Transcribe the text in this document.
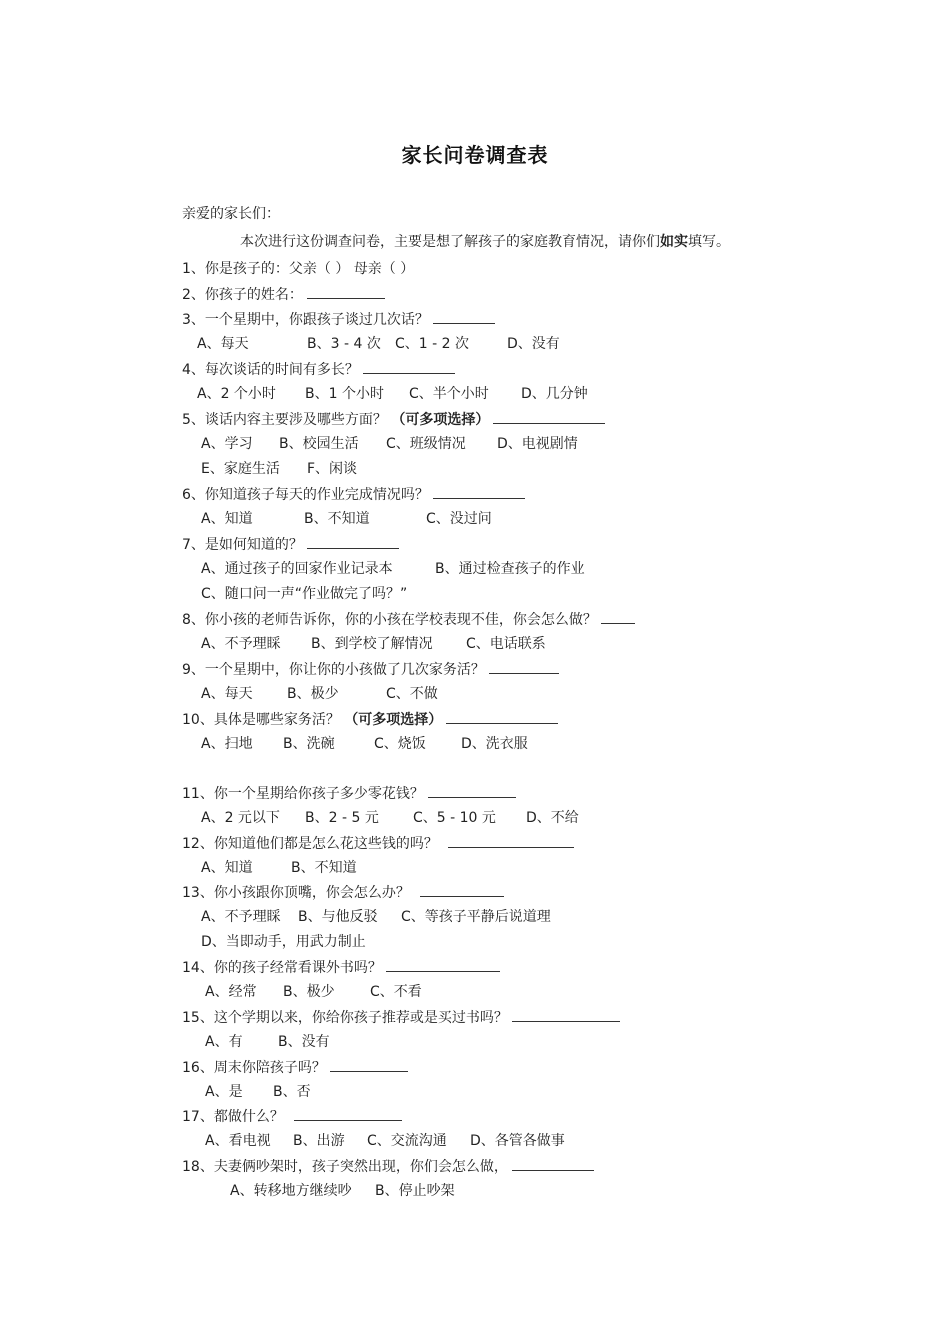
家长问卷调查表
亲爱的家长们：
本次进行这份调查问卷，主要是想了解孩子的家庭教育情况，请你们如实填写。
1、你是孩子的：父亲（ ） 母亲（ ）
2、你孩子的姓名：
3、一个星期中，你跟孩子谈过几次话？
A、每天	B、3 - 4 次 C、1 - 2 次	D、没有
4、每次谈话的时间有多长？
A、2 个小时 B、1 个小时 C、半个小时 D、几分钟
5、谈话内容主要涉及哪些方面？ （可多项选择）
A、学习 B、校园生活 C、班级情况 D、电视剧情
E、家庭生活 F、闲谈
6、你知道孩子每天的作业完成情况吗？
A、知道	B、不知道	C、没过问
7、是如何知道的？
A、通过孩子的回家作业记录本	B、通过检查孩子的作业
C、随口问一声“作业做完了吗？”
8、你小孩的老师告诉你，你的小孩在学校表现不佳，你会怎么做？
A、不予理睬 B、到学校了解情况 C、电话联系
9、一个星期中，你让你的小孩做了几次家务活？
A、每天 B、极少	C、不做
10、具体是哪些家务活？ （可多项选择）
A、扫地 B、洗碗	C、烧饭	D、洗衣服
11、你一个星期给你孩子多少零花钱？
A、2 元以下 B、2 - 5 元 C、5 - 10 元 D、不给
12、你知道他们都是怎么花这些钱的吗？
A、知道	B、不知道
13、你小孩跟你顶嘴，你会怎么办？
A、不予理睬 B、与他反驳 C、等孩子平静后说道理
D、当即动手，用武力制止
14、你的孩子经常看课外书吗？
A、经常 B、极少	C、不看
15、这个学期以来，你给你孩子推荐或是买过书吗？
A、有	B、没有
16、周末你陪孩子吗？
A、是 B、否
17、都做什么？
A、看电视 B、出游 C、交流沟通 D、各管各做事
18、夫妻俩吵架时，孩子突然出现，你们会怎么做，
A、转移地方继续吵 B、停止吵架
